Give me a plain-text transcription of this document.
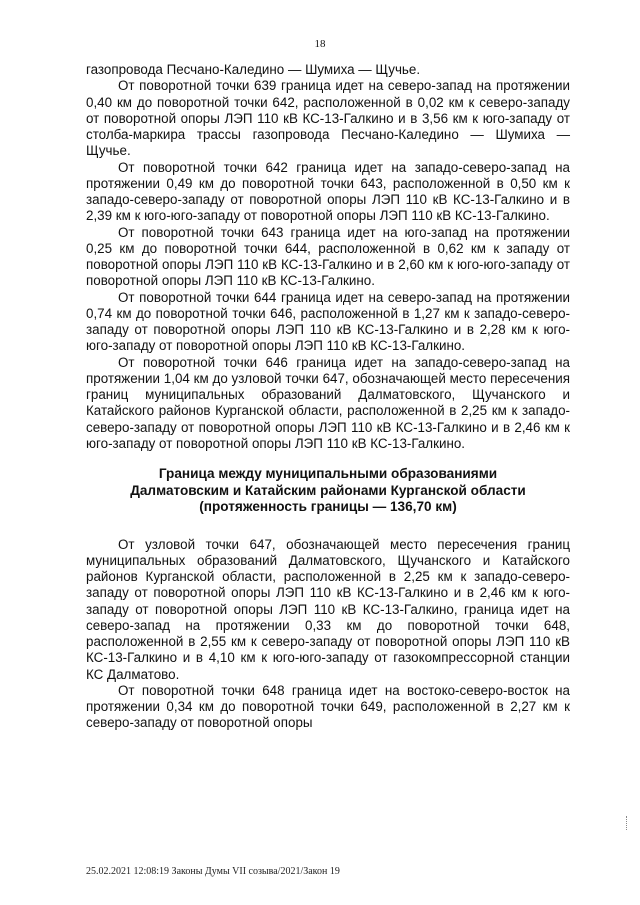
18

газопровода Песчано-Каледино — Шумиха — Щучье.

От поворотной точки 639 граница идет на северо-запад на протяжении 0,40 км до поворотной точки 642, расположенной в 0,02 км к северо-западу от поворотной опоры ЛЭП 110 кВ КС-13-Галкино и в 3,56 км к юго-западу от столба-маркира трассы газопровода Песчано-Каледино — Шумиха — Щучье.

От поворотной точки 642 граница идет на западо-северо-запад на протяжении 0,49 км до поворотной точки 643, расположенной в 0,50 км к западо-северо-западу от поворотной опоры ЛЭП 110 кВ КС-13-Галкино и в 2,39 км к юго-юго-западу от поворотной опоры ЛЭП 110 кВ КС-13-Галкино.

От поворотной точки 643 граница идет на юго-запад на протяжении 0,25 км до поворотной точки 644, расположенной в 0,62 км к западу от поворотной опоры ЛЭП 110 кВ КС-13-Галкино и в 2,60 км к юго-юго-западу от поворотной опоры ЛЭП 110 кВ КС-13-Галкино.

От поворотной точки 644 граница идет на северо-запад на протяжении 0,74 км до поворотной точки 646, расположенной в 1,27 км к западо-северо-западу от поворотной опоры ЛЭП 110 кВ КС-13-Галкино и в 2,28 км к юго-юго-западу от поворотной опоры ЛЭП 110 кВ КС-13-Галкино.

От поворотной точки 646 граница идет на западо-северо-запад на протяжении 1,04 км до узловой точки 647, обозначающей место пересечения границ муниципальных образований Далматовского, Щучанского и Катайского районов Курганской области, расположенной в 2,25 км к западо-северо-западу от поворотной опоры ЛЭП 110 кВ КС-13-Галкино и в 2,46 км к юго-западу от поворотной опоры ЛЭП 110 кВ КС-13-Галкино.

Граница между муниципальными образованиями
Далматовским и Катайским районами Курганской области
(протяженность границы — 136,70 км)

От узловой точки 647, обозначающей место пересечения границ муниципальных образований Далматовского, Щучанского и Катайского районов Курганской области, расположенной в 2,25 км к западо-северо-западу от поворотной опоры ЛЭП 110 кВ КС-13-Галкино и в 2,46 км к юго-западу от поворотной опоры ЛЭП 110 кВ КС-13-Галкино, граница идет на северо-запад на протяжении 0,33 км до поворотной точки 648, расположенной в 2,55 км к северо-западу от поворотной опоры ЛЭП 110 кВ КС-13-Галкино и в 4,10 км к юго-юго-западу от газокомпрессорной станции КС Далматово.

От поворотной точки 648 граница идет на востоко-северо-восток на протяжении 0,34 км до поворотной точки 649, расположенной в 2,27 км к северо-западу от поворотной опоры

25.02.2021 12:08:19 Законы Думы VII созыва/2021/Закон 19
